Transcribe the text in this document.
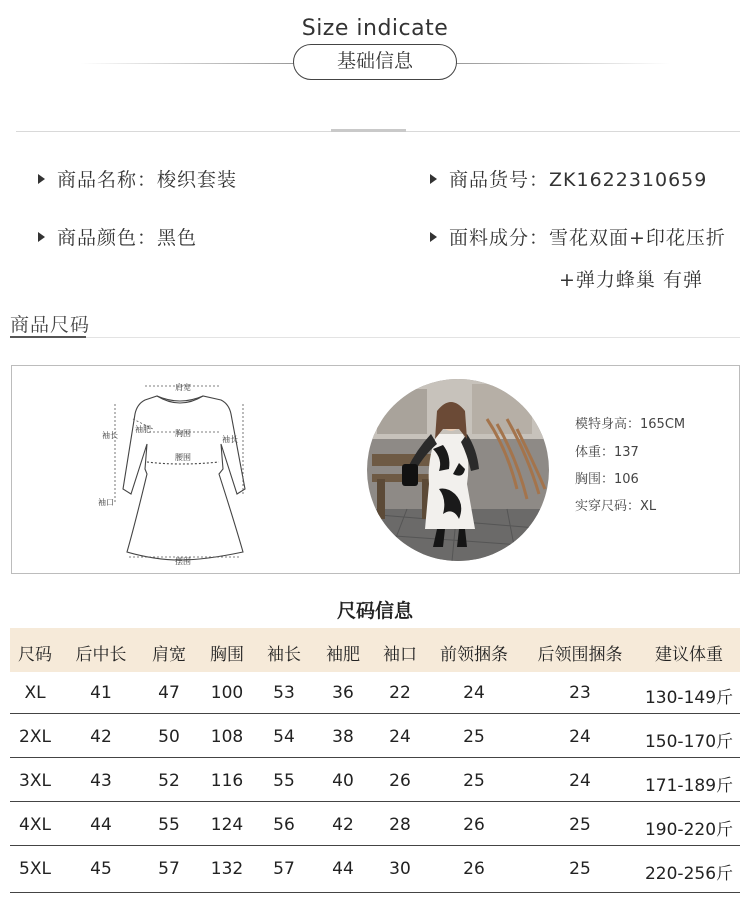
Size indicate
基础信息
商品名称：梭织套装	商品货号：ZK1622310659
商品颜色：黑色	面料成分：雪花双面+印花压折
+弹力蜂巢 有弹
商品尺码
肩宽
胸围
腰围
摆围
袖长
袖肥
袖长
袖口
模特身高：165CM
体重：137
胸围：106
实穿尺码：XL
尺码信息
尺码	后中长	肩宽	胸围	袖长	袖肥	袖口	前领捆条	后领围捆条	建议体重
XL	41	47	100	53	36	22	24	23	130-149斤
2XL	42	50	108	54	38	24	25	24	150-170斤
3XL	43	52	116	55	40	26	25	24	171-189斤
4XL	44	55	124	56	42	28	26	25	190-220斤
5XL	45	57	132	57	44	30	26	25	220-256斤
